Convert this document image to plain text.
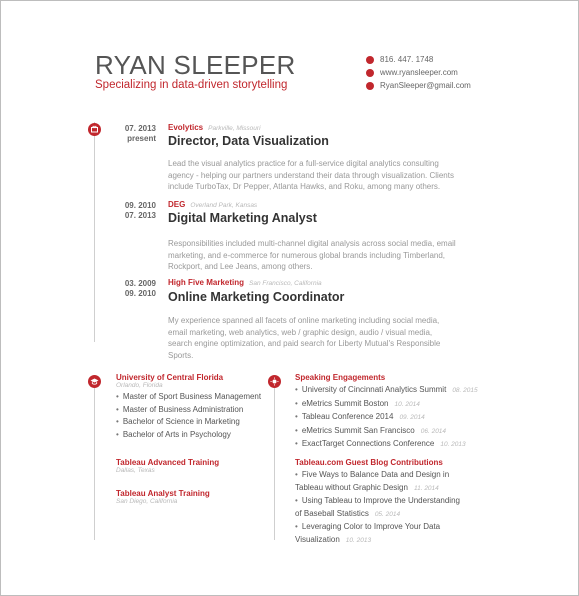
RYAN SLEEPER
Specializing in data-driven storytelling
816. 447. 1748
www.ryansleeper.com
RyanSleeper@gmail.com
07. 2013
present
Evolytics Parkville, Missouri
Director, Data Visualization
Lead the visual analytics practice for a full-service digital analytics consulting agency - helping our partners understand their data through visualization. Clients include TurboTax, Dr Pepper, Atlanta Hawks, and Roku, among many others.
09. 2010
07. 2013
DEG Overland Park, Kansas
Digital Marketing Analyst
Responsibilities included multi-channel digital analysis across social media, email marketing, and e-commerce for numerous global brands including Timberland, Rockport, and Lee Jeans, among others.
03. 2009
09. 2010
High Five Marketing San Francisco, California
Online Marketing Coordinator
My experience spanned all facets of online marketing including social media, email marketing, web analytics, web / graphic design, audio / visual media, search engine optimization, and paid search for Liberty Mutual's Responsible Sports.
University of Central Florida
Orlando, Florida
• Master of Sport Business Management
• Master of Business Administration
• Bachelor of Science in Marketing
• Bachelor of Arts in Psychology
Tableau Advanced Training
Dallas, Texas
Tableau Analyst Training
San Diego, California
Speaking Engagements
• University of Cincinnati Analytics Summit 08. 2015
• eMetrics Summit Boston 10. 2014
• Tableau Conference 2014 09. 2014
• eMetrics Summit San Francisco 06. 2014
• ExactTarget Connections Conference 10. 2013
Tableau.com Guest Blog Contributions
• Five Ways to Balance Data and Design in
Tableau without Graphic Design 11. 2014
• Using Tableau to Improve the Understanding
of Baseball Statistics 05. 2014
• Leveraging Color to Improve Your Data
Visualization 10. 2013
